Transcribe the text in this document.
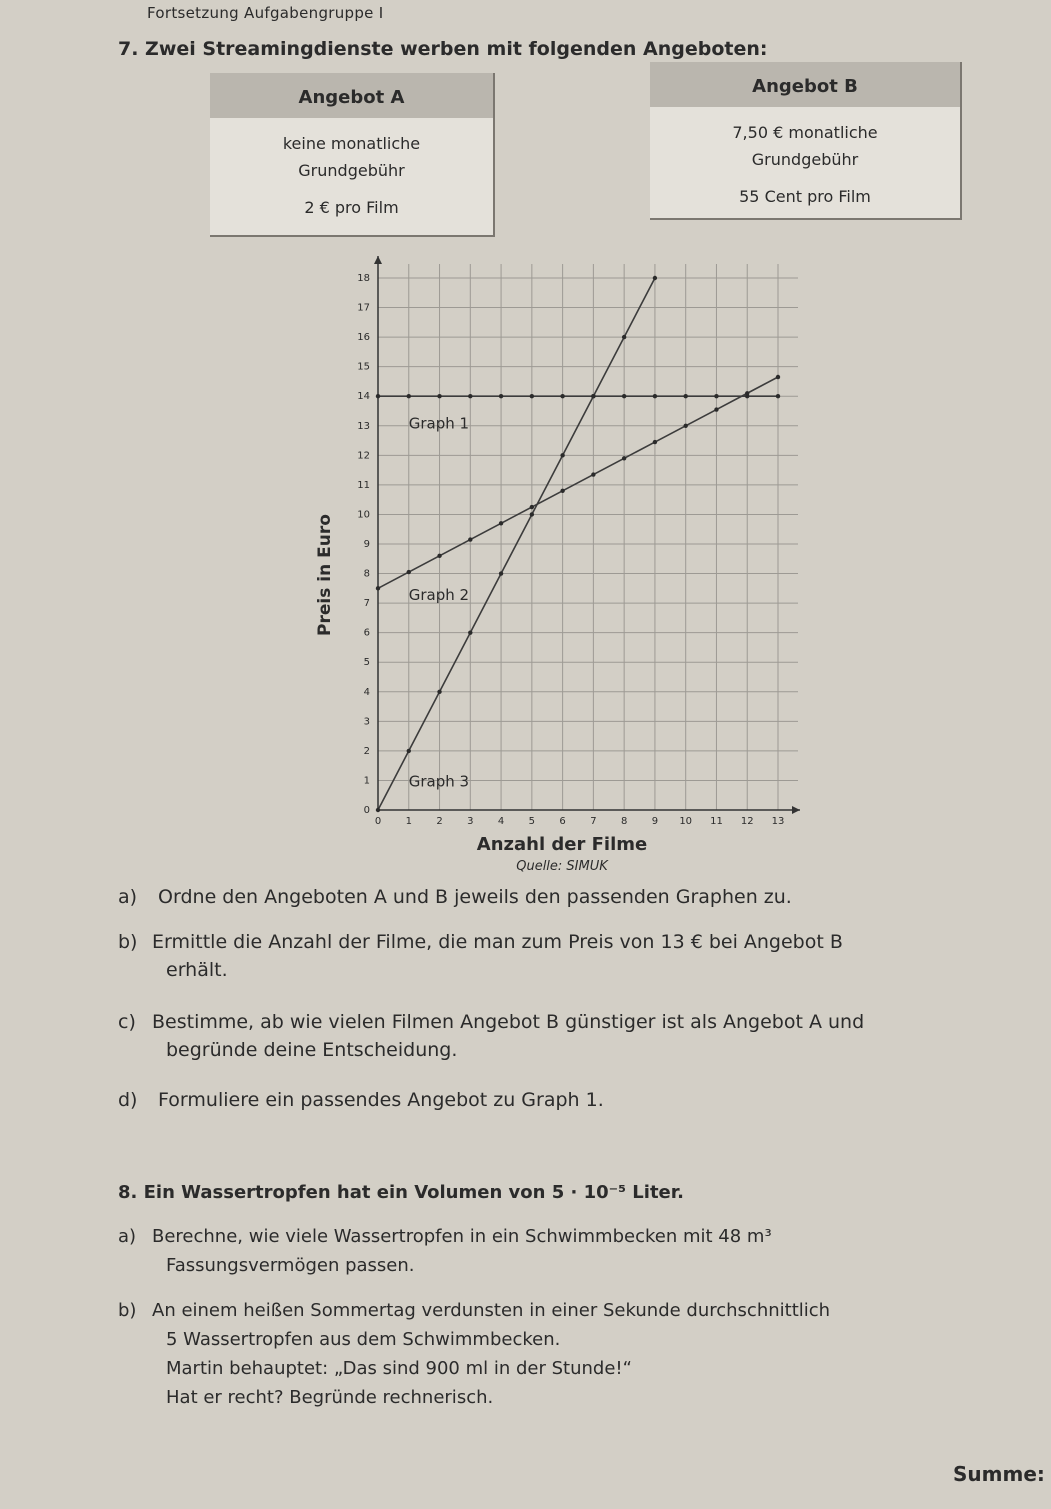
Fortsetzung Aufgabengruppe I
7. Zwei Streamingdienste werben mit folgenden Angeboten:
Angebot A
keine monatliche
Grundgebühr
2 € pro Film
Angebot B
7,50 € monatliche
Grundgebühr
55 Cent pro Film
0 1 2 3 4 5 6 7 8 9 10 11 12 13
0
1
2
3
4
5
6
7
8
9
10
11
12
13
14
15
16
17
18
Graph 1
Graph 2
Graph 3
Anzahl der Filme
Quelle: SIMUK
Preis in Euro
a) Ordne den Angeboten A und B jeweils den passenden Graphen zu.
b) Ermittle die Anzahl der Filme, die man zum Preis von 13 € bei Angebot B
erhält.
c) Bestimme, ab wie vielen Filmen Angebot B günstiger ist als Angebot A und
begründe deine Entscheidung.
d) Formuliere ein passendes Angebot zu Graph 1.
8. Ein Wassertropfen hat ein Volumen von 5 · 10⁻⁵ Liter.
a) Berechne, wie viele Wassertropfen in ein Schwimmbecken mit 48 m³
Fassungsvermögen passen.
b) An einem heißen Sommertag verdunsten in einer Sekunde durchschnittlich
5 Wassertropfen aus dem Schwimmbecken.
Martin behauptet: „Das sind 900 ml in der Stunde!“
Hat er recht? Begründe rechnerisch.
Summe:
